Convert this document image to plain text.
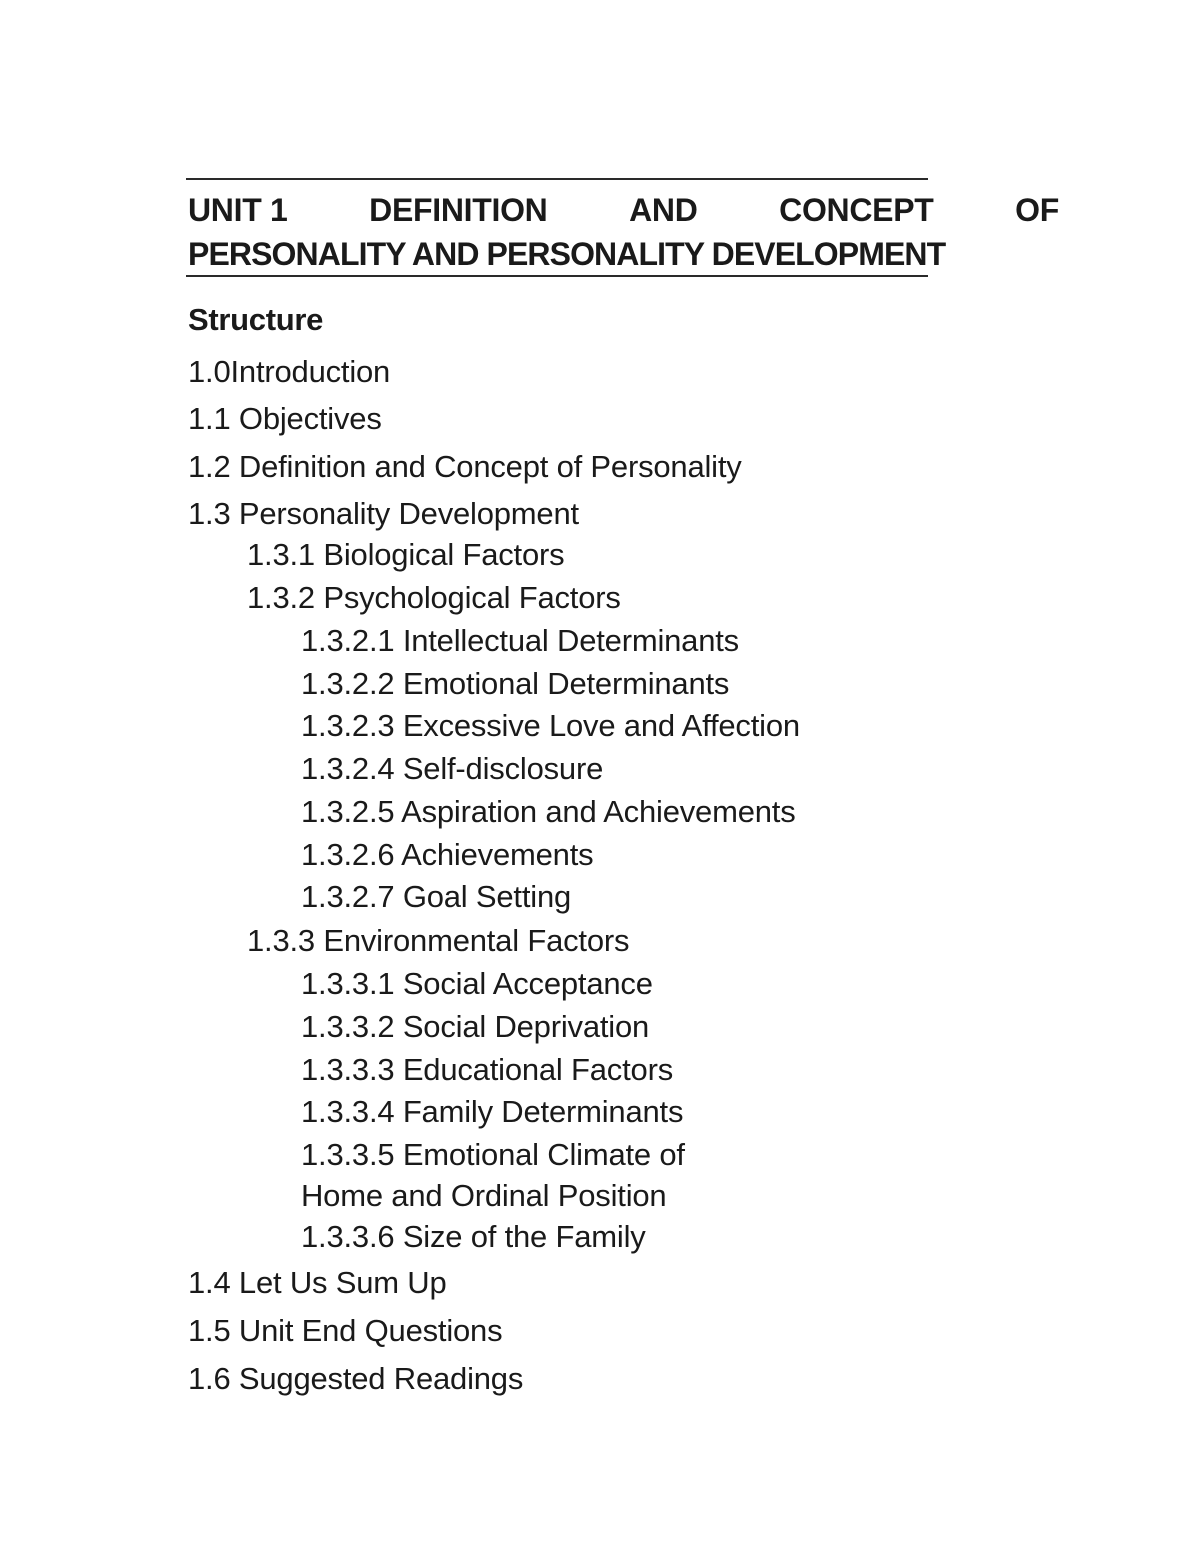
UNIT 1	DEFINITION	AND	CONCEPT	OF
PERSONALITY AND PERSONALITY DEVELOPMENT
Structure
1.0Introduction
1.1 Objectives
1.2 Definition and Concept of Personality
1.3 Personality Development
1.3.1 Biological Factors
1.3.2 Psychological Factors
1.3.2.1 Intellectual Determinants
1.3.2.2 Emotional Determinants
1.3.2.3 Excessive Love and Affection
1.3.2.4 Self-disclosure
1.3.2.5 Aspiration and Achievements
1.3.2.6 Achievements
1.3.2.7 Goal Setting
1.3.3 Environmental Factors
1.3.3.1 Social Acceptance
1.3.3.2 Social Deprivation
1.3.3.3 Educational Factors
1.3.3.4 Family Determinants
1.3.3.5 Emotional Climate of
Home and Ordinal Position
1.3.3.6 Size of the Family
1.4 Let Us Sum Up
1.5 Unit End Questions
1.6 Suggested Readings
